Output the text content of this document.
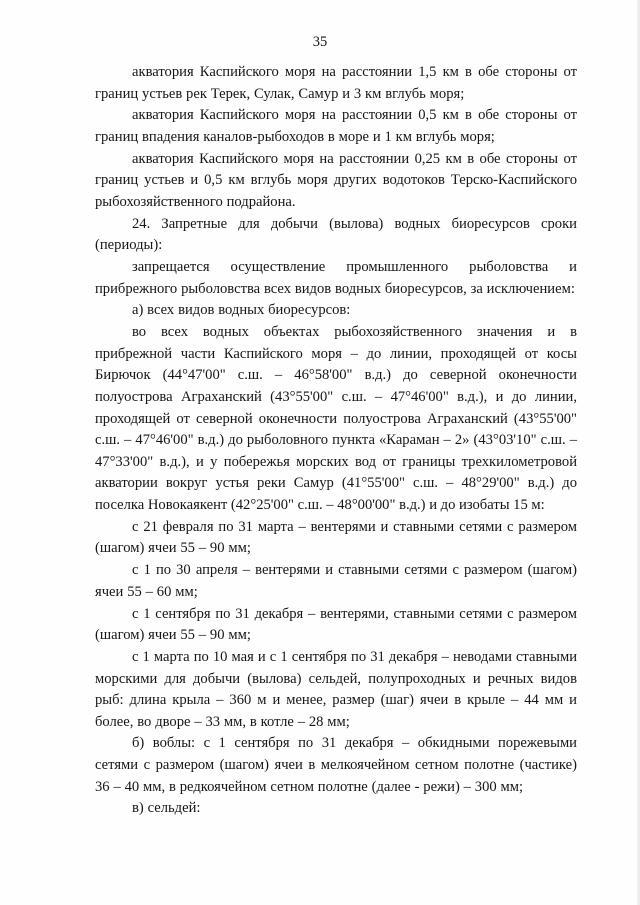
35

акватория Каспийского моря на расстоянии 1,5 км в обе стороны от границ устьев рек Терек, Сулак, Самур и 3 км вглубь моря;

акватория Каспийского моря на расстоянии 0,5 км в обе стороны от границ впадения каналов-рыбоходов в море и 1 км вглубь моря;

акватория Каспийского моря на расстоянии 0,25 км в обе стороны от границ устьев и 0,5 км вглубь моря других водотоков Терско-Каспийского рыбохозяйственного подрайона.

24. Запретные для добычи (вылова) водных биоресурсов сроки (периоды):

запрещается осуществление промышленного рыболовства и прибрежного рыболовства всех видов водных биоресурсов, за исключением:

а) всех видов водных биоресурсов:

во всех водных объектах рыбохозяйственного значения и в прибрежной части Каспийского моря – до линии, проходящей от косы Бирючок (44°47'00" с.ш. – 46°58'00" в.д.) до северной оконечности полуострова Аграханский (43°55'00" с.ш. – 47°46'00" в.д.), и до линии, проходящей от северной оконечности полуострова Аграханский (43°55'00" с.ш. – 47°46'00" в.д.) до рыболовного пункта «Караман – 2» (43°03'10" с.ш. – 47°33'00" в.д.), и у побережья морских вод от границы трехкилометровой акватории вокруг устья реки Самур (41°55'00" с.ш. – 48°29'00" в.д.) до поселка Новокаякент (42°25'00" с.ш. – 48°00'00" в.д.) и до изобаты 15 м:

с 21 февраля по 31 марта – вентерями и ставными сетями с размером (шагом) ячеи 55 – 90 мм;

с 1 по 30 апреля – вентерями и ставными сетями с размером (шагом) ячеи 55 – 60 мм;

с 1 сентября по 31 декабря – вентерями, ставными сетями с размером (шагом) ячеи 55 – 90 мм;

с 1 марта по 10 мая и с 1 сентября по 31 декабря – неводами ставными морскими для добычи (вылова) сельдей, полупроходных и речных видов рыб: длина крыла – 360 м и менее, размер (шаг) ячеи в крыле – 44 мм и более, во дворе – 33 мм, в котле – 28 мм;

б) воблы: с 1 сентября по 31 декабря – обкидными порежевыми сетями с размером (шагом) ячеи в мелкоячейном сетном полотне (частике) 36 – 40 мм, в редкоячейном сетном полотне (далее - режи) – 300 мм;

в) сельдей:
